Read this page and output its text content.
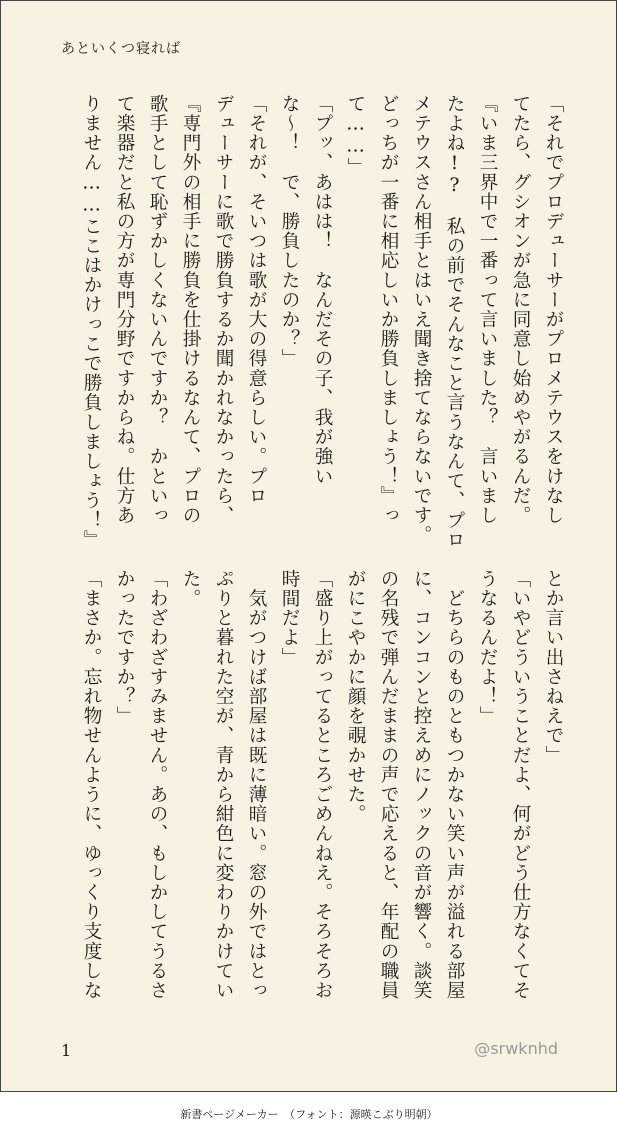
あといくつ寝れば
「それでプロデューサーがプロメテウスをけなし
てたら、グシオンが急に同意し始めやがるんだ。
『いま三界中で一番って言いました？　言いまし
たよね!?　私の前でそんなこと言うなんて、プロ
メテウスさん相手とはいえ聞き捨てならないです。
どっちが一番に相応しいか勝負しましょう！』っ
て……」
「プッ、あはは！　なんだその子、我が強い
な〜！　で、勝負したのか？」
「それが、そいつは歌が大の得意らしい。プロ
デューサーに歌で勝負するか聞かれなかったら、
『専門外の相手に勝負を仕掛けるなんて、プロの
歌手として恥ずかしくないんですか？　かといっ
て楽器だと私の方が専門分野ですからね。仕方あ
りません……ここはかけっこで勝負しましょう！』
とか言い出さねえで」
「いやどういうことだよ、何がどう仕方なくてそ
うなるんだよ！」
　どちらのものともつかない笑い声が溢れる部屋
に、コンコンと控えめにノックの音が響く。談笑
の名残で弾んだままの声で応えると、年配の職員
がにこやかに顔を覗かせた。
「盛り上がってるところごめんねえ。そろそろお
時間だよ」
　気がつけば部屋は既に薄暗い。窓の外ではとっ
ぷりと暮れた空が、青から紺色に変わりかけてい
た。
「わざわざすみません。あの、もしかしてうるさ
かったですか？」
「まさか。忘れ物せんように、ゆっくり支度しな
1	@srwknhd
新書ページメーカー　（フォント：源暎こぶり明朝）
